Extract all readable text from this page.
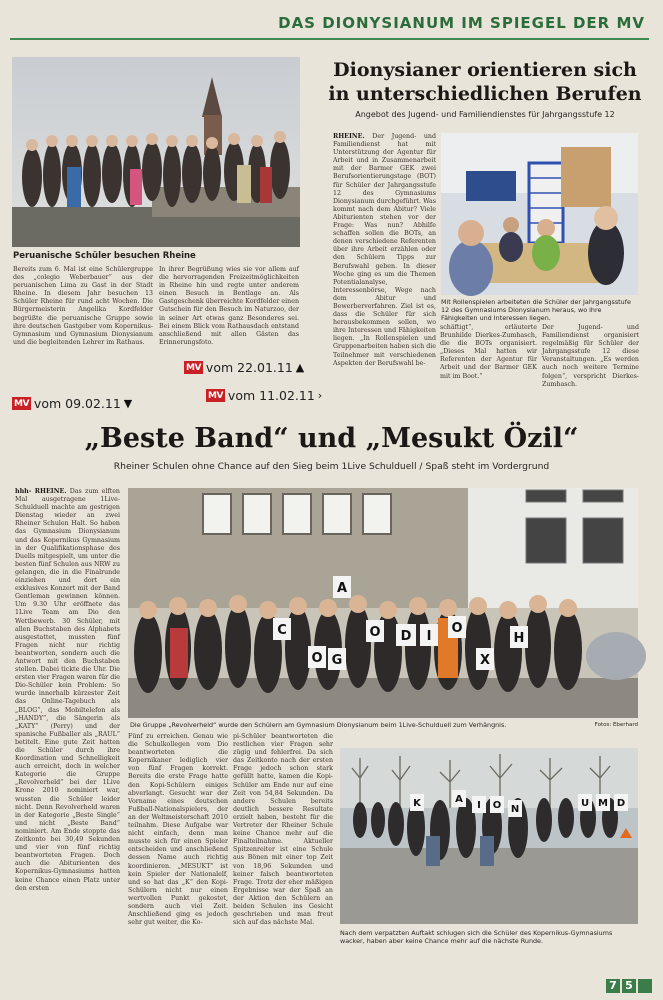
DAS DIONYSIANUM IM SPIEGEL DER MV
Peruanische Schüler besuchen Rheine
Bereits zum 6. Mal ist eine Schülergruppe des „colegio Weberbauer“ aus der peruanischen Lima zu Gast in der Stadt Rheine. In diesem Jahr besuchen 13 Schüler Rheine für rund acht Wochen. Die Bürgermeisterin Angelika Kordfelder begrüßte die peruanische Gruppe sowie ihre deutschen Gastgeber vom Kopernikus-Gymnasium und Gymnasium Dionysianum und die begleitenden Lehrer im Rathaus.
In ihrer Begrüßung wies sie vor allem auf die hervorragenden Freizeitmöglichkeiten in Rheine hin und regte unter anderem einen Besuch in Bentlage an. Als Gastgeschenk überreichte Kordfelder einen Gutschein für den Besuch im Naturzoo, der in seiner Art etwas ganz Besonderes sei. Bei einem Blick vom Rathausdach entstand anschließend mit allen Gästen das Erinnerungsfoto.
Dionysianer orientieren sich
in unterschiedlichen Berufen
Angebot des Jugend- und Familiendienstes für Jahrgangsstufe 12
RHEINE. Der Jugend- und Familiendienst hat mit Unterstützung der Agentur für Arbeit und in Zusammenarbeit mit der Barmer GEK zwei Berufsorientierungstage (BOT) für Schüler der Jahrgangsstufe 12 des Gymnasiums Dionysianum durchgeführt. Was kommt nach dem Abitur? Viele Abiturienten stehen vor der Frage: Was nun? Abhilfe schaffen sollen die BOTs, an denen verschiedene Referenten über ihre Arbeit erzählen oder den Schülern Tipps zur Berufswahl geben. In dieser Woche ging es um die Themen Potentialanalyse, Interessenbörse, Wege nach dem Abitur und Bewerberverfahren. Ziel ist es, dass die Schüler für sich herausbekommen sollen, wo ihre Interessen und Fähigkeiten liegen. „In Rollenspielen und Gruppenarbeiten haben sich die Teilnehmer mit verschiedenen Aspekten der Berufswahl be-
Mit Rollenspielen arbeiteten die Schüler der Jahrgangsstufe 12 des Gymnasiums Dionysianum heraus, wo ihre Fähigkeiten und Interessen liegen.
schäftigt“, erläuterte Brunhilde Dierkes-Zumhasch, die die BOTs organisiert. „Dieses Mal hatten wir Referenten der Agentur für Arbeit und der Barmer GEK mit im Boot.“
Der Jugend- und Familiendienst organisiert regelmäßig für Schüler der Jahrgangsstufe 12 diese Veranstaltungen. „Es werden auch noch weitere Termine folgen“, verspricht Dierkes-Zumhasch.
MV vom 22.01.11 ▲
MV vom 09.02.11 ▼
MV vom 11.02.11 ›
„Beste Band“ und „Mesukt Özil“
Rheiner Schulen ohne Chance auf den Sieg beim 1Live Schulduell / Spaß steht im Vordergrund
hhh- RHEINE. Das zum elften Mal ausgetragene 1Live-Schulduell machte am gestrigen Dienstag wieder an zwei Rheiner Schulen Halt. So haben das Gymnasium Dionysianum und das Kopernikus Gymnasium in der Qualifikationsphase des Duells mitgespielt, um unter die besten fünf Schulen aus NRW zu gelangen, die in die Finalrunde einziehen und dort ein exklusives Konzert mit der Band Gentleman gewinnen können. Um 9.30 Uhr eröffnete das 1Live Team am Dio den Wettbewerb. 30 Schüler, mit allen Buchstaben des Alphabets ausgestattet, mussten fünf Fragen nicht nur richtig beantworten, sondern auch die Antwort mit den Buchstaben stellen. Dabei tickte die Uhr. Die ersten vier Fragen waren für die Dio-Schüler kein Problem: So wurde innerhalb kürzester Zeit das Online-Tagebuch als „BLOG“, das Mobiltelefon als „HANDY“, die Sängerin als „KATY“ (Perry) und der spanische Fußballer als „RAUL“ betitelt. Eine gute Zeit hatten die Schüler durch ihre Koordination und Schnelligkeit auch erreicht, doch in welcher Kategorie die Gruppe „Revolverheld“ bei der 1Live Krone 2010 nominiert war, wussten die Schüler leider nicht. Denn Revolverheld waren in der Kategorie „Beste Single“ und nicht „Beste Band“ nominiert. Am Ende stoppte das Zeitkonto bei 30,49 Sekunden und vier von fünf richtig beantworteten Fragen. Doch auch die Abiturienten des Kopernikus-Gymnasiums hatten keine Chance einen Platz unter den ersten
C
O G
O D I
O
H
X
A
Die Gruppe „Revolverheld“ wurde den Schülern am Gymnasium Dionysianum beim 1Live-Schulduell zum Verhängnis.	Fotos: Eberhard
Fünf zu erreichen. Genau wie die Schulkollegen vom Dio beantworteten die Kopernikaner lediglich vier von fünf Fragen korrekt. Bereits die erste Frage hatte den Kopi-Schülern einiges abverlangt. Gesucht war der Vorname eines deutschen Fußball-Nationalspielers, der an der Weltmeisterschaft 2010 teilnahm. Diese Aufgabe war nicht einfach, denn man musste sich für einen Spieler entscheiden und anschließend dessen Name auch richtig koordinieren. „MESUKT“ ist kein Spieler der Nationalelf, und so hat das „K“ den Kopi-Schülern nicht nur einen wertvollen Punkt gekostet, sondern auch viel Zeit. Anschließend ging es jedoch sehr gut weiter, die Ko-
pi-Schüler beantworteten die restlichen vier Fragen sehr zügig und fehlerfrei. Da sich das Zeitkonto nach der ersten Frage jedoch schon stark gefüllt hatte, kamen die Kopi-Schüler am Ende nur auf eine Zeit von 54,84 Sekunden. Da andere Schulen bereits deutlich bessere Resultate erzielt haben, besteht für die Vertreter der Rheiner Schule keine Chance mehr auf die Finalteilnahme. Aktueller Spitzenreiter ist eine Schule aus Bönen mit einer top Zeit von 18,96 Sekunden und keiner falsch beantworteten Frage. Trotz der eher mäßigen Ergebnisse war der Spaß an der Aktion den Schülern an beiden Schulen ins Gesicht geschrieben und man freut sich auf das nächste Mal.
K	A
I O N
U M D
Nach dem verpatzten Auftakt schlugen sich die Schüler des Kopernikus-Gymnasiums wacker, haben aber keine Chance mehr auf die nächste Runde.
7 5
